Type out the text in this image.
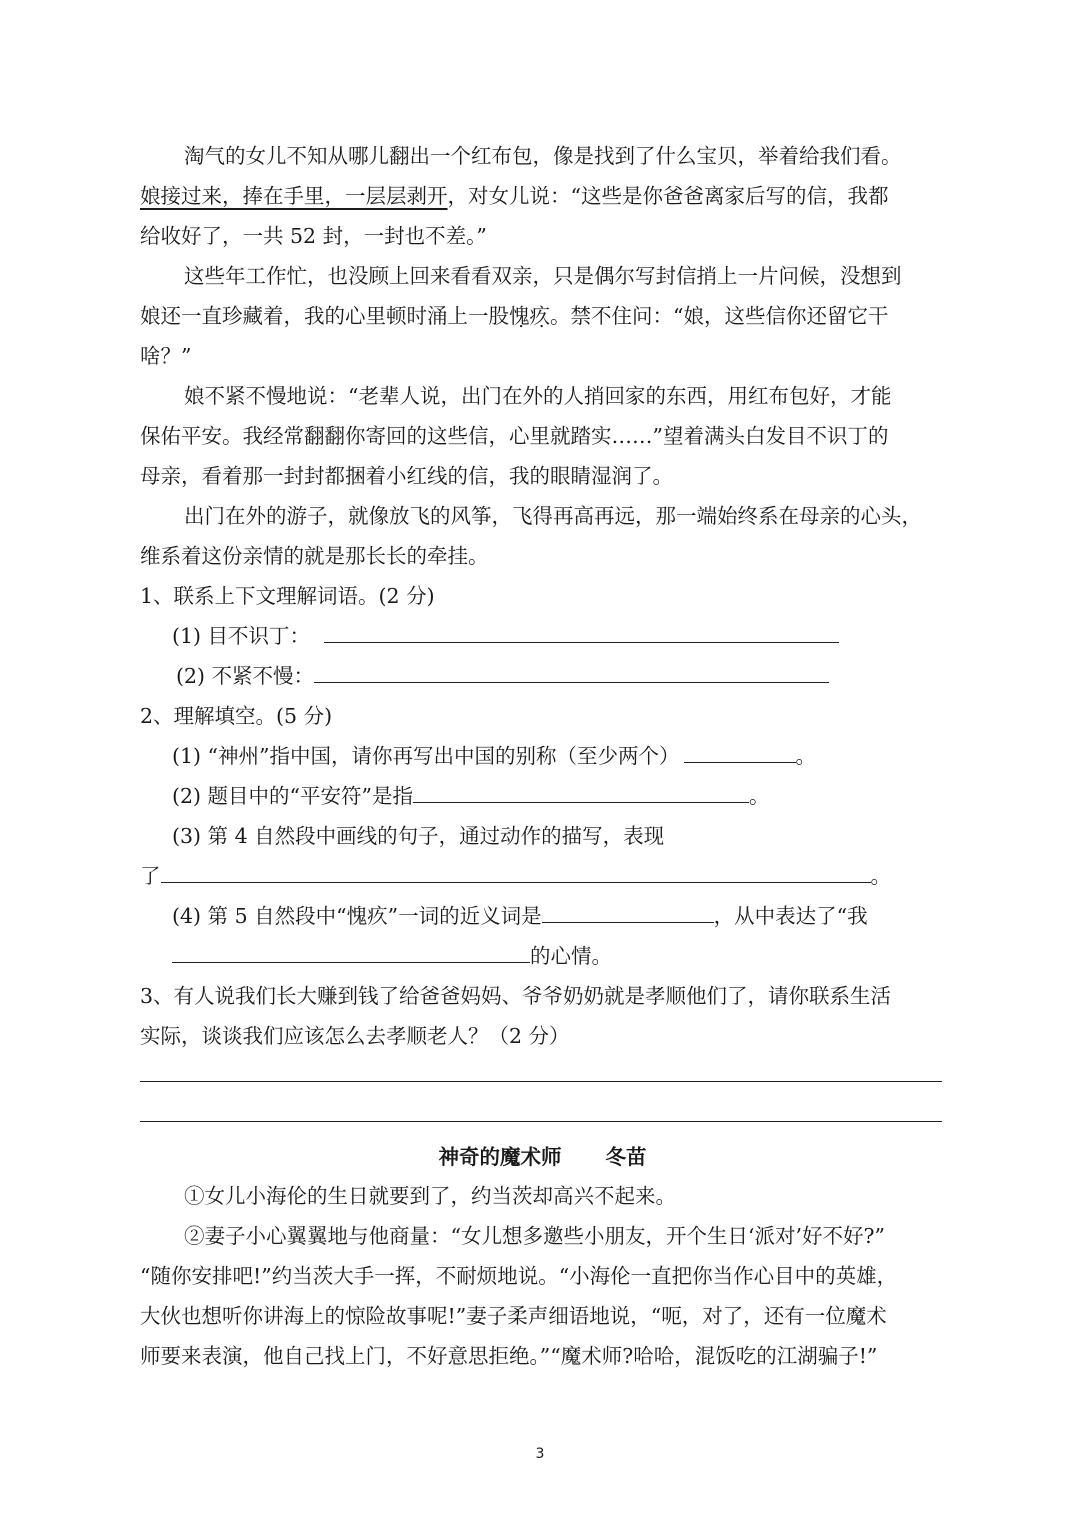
淘气的女儿不知从哪儿翻出一个红布包，像是找到了什么宝贝，举着给我们看。
娘接过来，捧在手里，一层层剥开，对女儿说：“这些是你爸爸离家后写的信，我都
给收好了，一共 52 封，一封也不差。”
这些年工作忙，也没顾上回来看看双亲，只是偶尔写封信捎上一片问候，没想到
娘还一直珍藏着，我的心里顿时涌上一股愧疚。禁不住问：“娘，这些信你还留它干
啥？”
娘不紧不慢地说：“老辈人说，出门在外的人捎回家的东西，用红布包好，才能
保佑平安。我经常翻翻你寄回的这些信，心里就踏实……”望着满头白发目不识丁的
母亲，看着那一封封都捆着小红线的信，我的眼睛湿润了。
出门在外的游子，就像放飞的风筝，飞得再高再远，那一端始终系在母亲的心头，
维系着这份亲情的就是那长长的牵挂。
1、联系上下文理解词语。(2 分)
(1) 目不识丁：
(2) 不紧不慢：
2、理解填空。(5 分)
(1) “神州”指中国，请你再写出中国的别称（至少两个）	。
(2) 题目中的“平安符”是指	。
(3) 第 4 自然段中画线的句子，通过动作的描写，表现
了	。
(4) 第 5 自然段中“愧疚”一词的近义词是	，从中表达了“我
的心情。
3、有人说我们长大赚到钱了给爸爸妈妈、爷爷奶奶就是孝顺他们了，请你联系生活
实际，谈谈我们应该怎么去孝顺老人？（2 分）
神奇的魔术师 冬苗
①女儿小海伦的生日就要到了，约当茨却高兴不起来。
②妻子小心翼翼地与他商量：“女儿想多邀些小朋友，开个生日‘派对’好不好?”
“随你安排吧!”约当茨大手一挥，不耐烦地说。“小海伦一直把你当作心目中的英雄，
大伙也想听你讲海上的惊险故事呢!”妻子柔声细语地说，“呃，对了，还有一位魔术
师要来表演，他自己找上门，不好意思拒绝。”“魔术师?哈哈，混饭吃的江湖骗子!”
3
